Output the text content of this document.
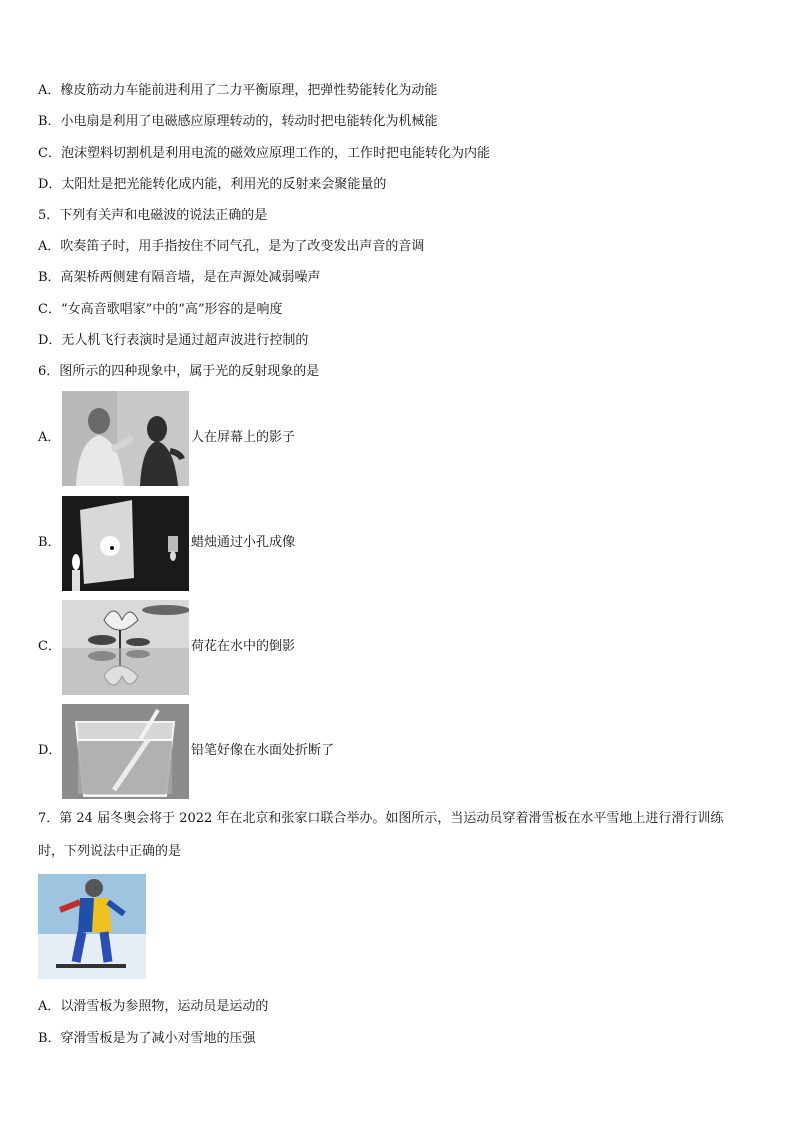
A．橡皮筋动力车能前进利用了二力平衡原理，把弹性势能转化为动能
B．小电扇是利用了电磁感应原理转动的，转动时把电能转化为机械能
C．泡沫塑料切割机是利用电流的磁效应原理工作的，工作时把电能转化为内能
D．太阳灶是把光能转化成内能，利用光的反射来会聚能量的
5．下列有关声和电磁波的说法正确的是
A．吹奏笛子时，用手指按住不同气孔，是为了改变发出声音的音调
B．高架桥两侧建有隔音墙，是在声源处减弱噪声
C．“女高音歌唱家”中的“高”形容的是响度
D．无人机飞行表演时是通过超声波进行控制的
6．图所示的四种现象中，属于光的反射现象的是
A．	人在屏幕上的影子
B．	蜡烛通过小孔成像
C．	荷花在水中的倒影
D．	铅笔好像在水面处折断了
7．第 24 届冬奥会将于 2022 年在北京和张家口联合举办。如图所示，当运动员穿着滑雪板在水平雪地上进行滑行训练
时，下列说法中正确的是
A．以滑雪板为参照物，运动员是运动的
B．穿滑雪板是为了减小对雪地的压强
